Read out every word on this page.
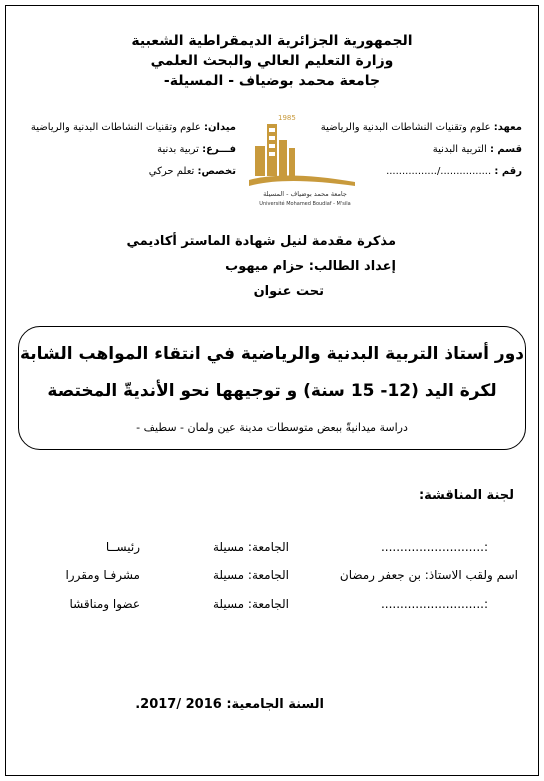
الجمهورية الجزائرية الديمقراطية الشعبية
وزارة التعليم العالي والبحث العلمي
جامعة محمد بوضياف - المسيلة-
معهد: علوم وتقنيات النشاطات البدنية والرياضية
قسم : التربية البدنية
رقم : ................/................
ميدان: علوم وتقنيات النشاطات البدنية والرياضية
فـــرع: تربية بدنية
تخصص: تعلم حركي
1985
جامعة محمد بوضياف - المسيلة
Université Mohamed Boudiaf - M'sila
مذكرة مقدمة لنيل شهادة الماستر أكاديمي
إعداد الطالب: حزام ميهوب
تحت عنوان
دور أستاذ التربية البدنية والرياضية في انتقاء المواهب الشابة
لكرة اليد (12- 15 سنة) و توجيهها نحو الأنديةّ المختصة
دراسة ميدانيةّ ببعض متوسطات مدينة عين ولمان - سطيف -
لجنة المناقشة:
:...........................
الجامعة: مسيلة
رئيســا
اسم ولقب الاستاذ: بن جعفر رمضان
الجامعة: مسيلة
مشرفـا ومقررا
:...........................
الجامعة: مسيلة
عضوا ومناقشا
السنة الجامعية: 2016 /2017.
